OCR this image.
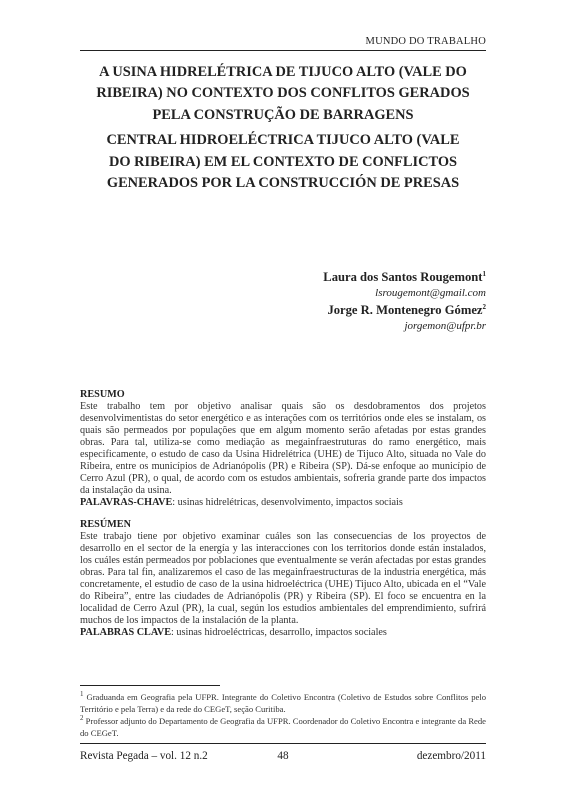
MUNDO DO TRABALHO
A USINA HIDRELÉTRICA DE TIJUCO ALTO (VALE DO
RIBEIRA) NO CONTEXTO DOS CONFLITOS GERADOS
PELA CONSTRUÇÃO DE BARRAGENS
CENTRAL HIDROELÉCTRICA TIJUCO ALTO (VALE
DO RIBEIRA) EM EL CONTEXTO DE CONFLICTOS
GENERADOS POR LA CONSTRUCCIÓN DE PRESAS
Laura dos Santos Rougemont$^1$
lsrougemont@gmail.com
Jorge R. Montenegro Gómez$^2$
jorgemon@ufpr.br
RESUMO

Este trabalho tem por objetivo analisar quais são os desdobramentos dos projetos desenvolvimentistas do setor energético e as interações com os territórios onde eles se instalam, os quais são permeados por populações que em algum momento serão afetadas por estas grandes obras. Para tal, utiliza-se como mediação as megainfraestruturas do ramo energético, mais especificamente, o estudo de caso da Usina Hidrelétrica (UHE) de Tijuco Alto, situada no Vale do Ribeira, entre os municípios de Adrianópolis (PR) e Ribeira (SP). Dá-se enfoque ao município de Cerro Azul (PR), o qual, de acordo com os estudos ambientais, sofreria grande parte dos impactos da instalação da usina.

PALAVRAS-CHAVE: usinas hidrelétricas, desenvolvimento, impactos sociais

RESÚMEN

Este trabajo tiene por objetivo examinar cuáles son las consecuencias de los proyectos de desarrollo en el sector de la energía y las interacciones con los territorios donde están instalados, los cuáles están permeados por poblaciones que eventualmente se verán afectadas por estas grandes obras. Para tal fin, analizaremos el caso de las megainfraestructuras de la industria energética, más concretamente, el estudio de caso de la usina hidroeléctrica (UHE) Tijuco Alto, ubicada en el “Vale do Ribeira”, entre las ciudades de Adrianópolis (PR) y Ribeira (SP). El foco se encuentra en la localidad de Cerro Azul (PR), la cual, según los estudios ambientales del emprendimiento, sufrirá muchos de los impactos de la instalación de la planta.

PALABRAS CLAVE: usinas hidroeléctricas, desarrollo, impactos sociales

$^1$ Graduanda em Geografia pela UFPR. Integrante do Coletivo Encontra (Coletivo de Estudos sobre Conflitos pelo Território e pela Terra) e da rede do CEGeT, seção Curitiba.

$^2$ Professor adjunto do Departamento de Geografia da UFPR. Coordenador do Coletivo Encontra e integrante da Rede do CEGeT.

Revista Pegada – vol. 12 n.2	48	dezembro/2011
